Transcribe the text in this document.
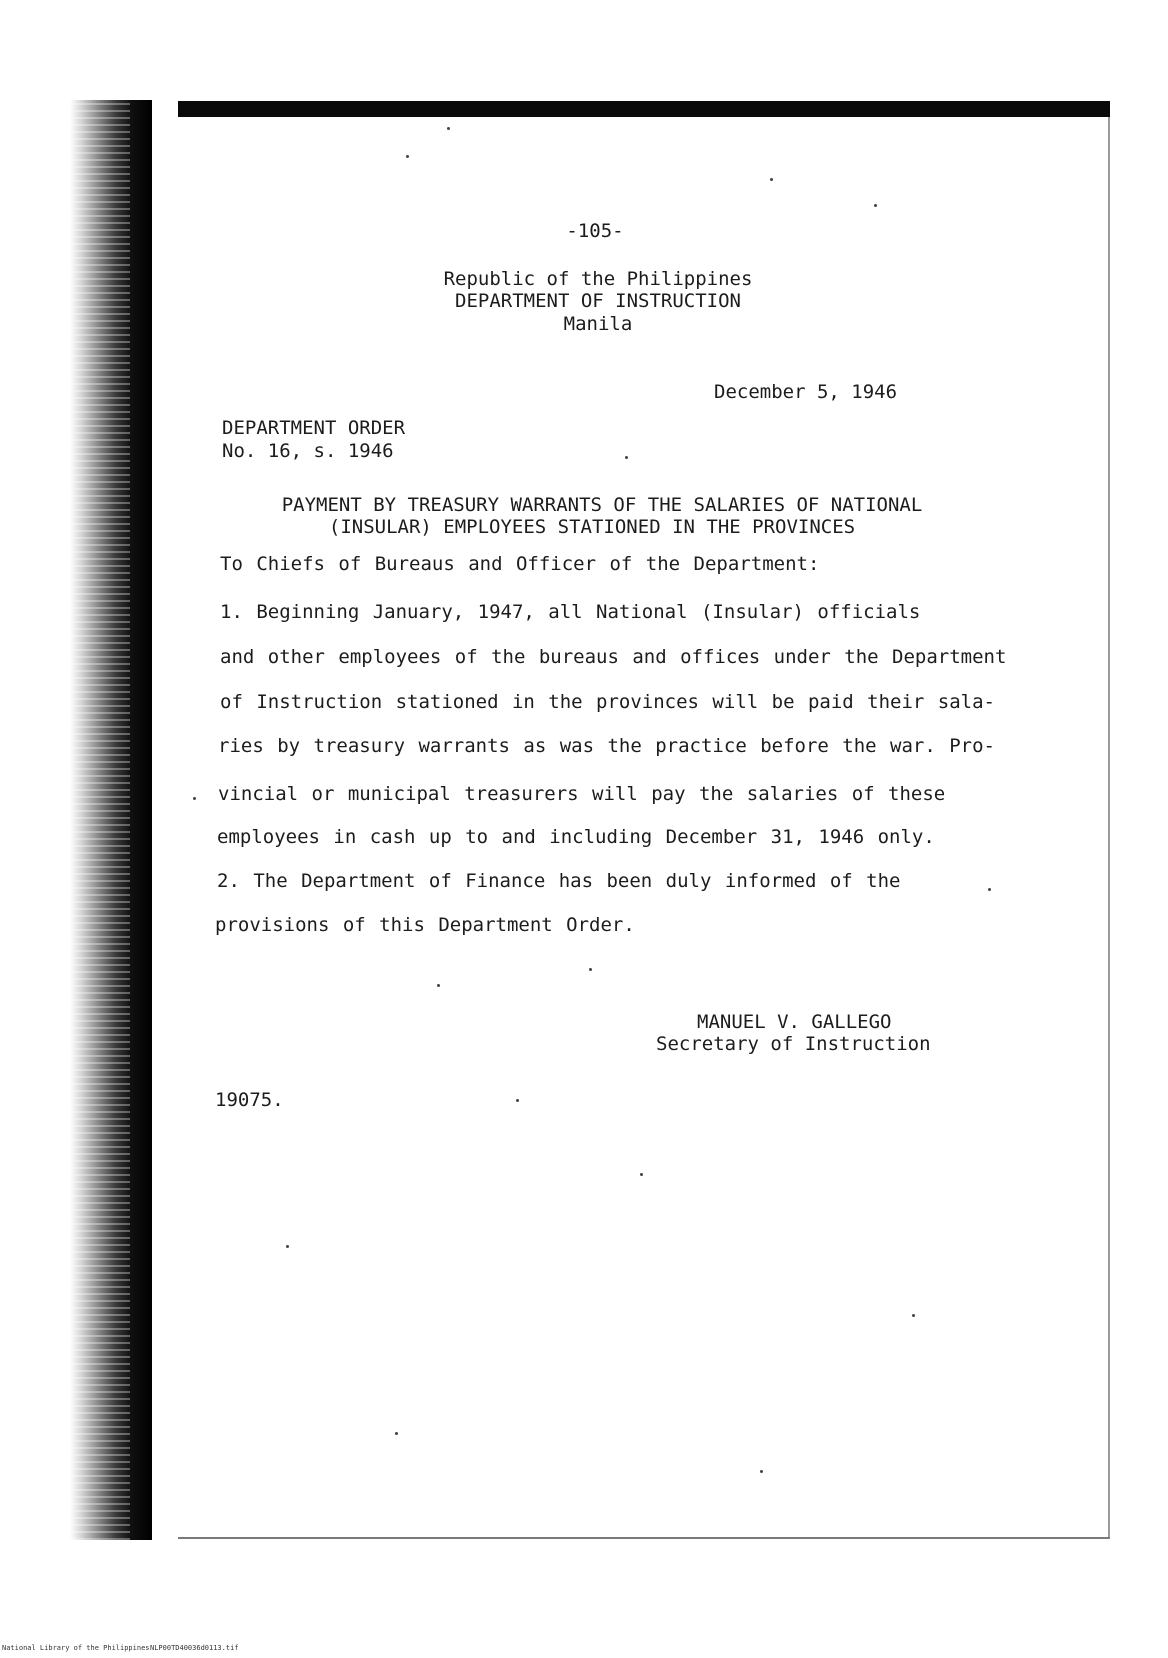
-105-
Republic of the Philippines
DEPARTMENT OF INSTRUCTION
Manila
December 5, 1946
DEPARTMENT ORDER
No. 16, s. 1946
PAYMENT BY TREASURY WARRANTS OF THE SALARIES OF NATIONAL
(INSULAR) EMPLOYEES STATIONED IN THE PROVINCES
To Chiefs of Bureaus and Officer of the Department:
1. Beginning January, 1947, all National (Insular) officials
and other employees of the bureaus and offices under the Department
of Instruction stationed in the provinces will be paid their sala-
ries by treasury warrants as was the practice before the war. Pro-
vincial or municipal treasurers will pay the salaries of these
employees in cash up to and including December 31, 1946 only.
2. The Department of Finance has been duly informed of the
provisions of this Department Order.
MANUEL V. GALLEGO
Secretary of Instruction
19075.
National Library of the Philippines NLP00TD40036d0113.tif
